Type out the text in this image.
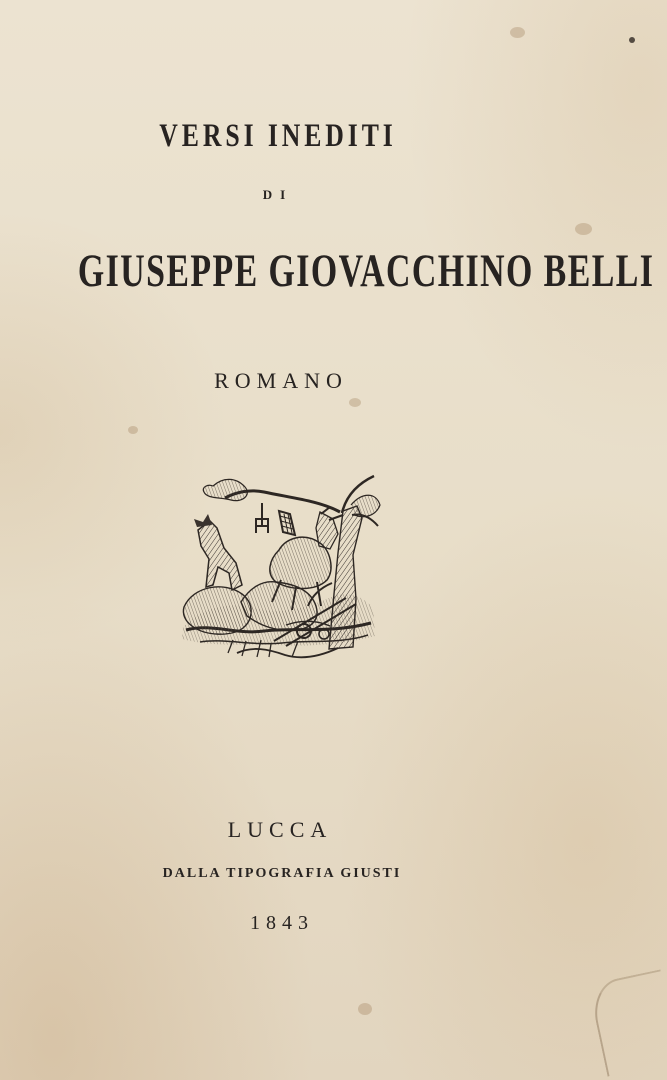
VERSI INEDITI
DI
GIUSEPPE GIOVACCHINO BELLI
ROMANO
LUCCA
DALLA TIPOGRAFIA GIUSTI
1843
